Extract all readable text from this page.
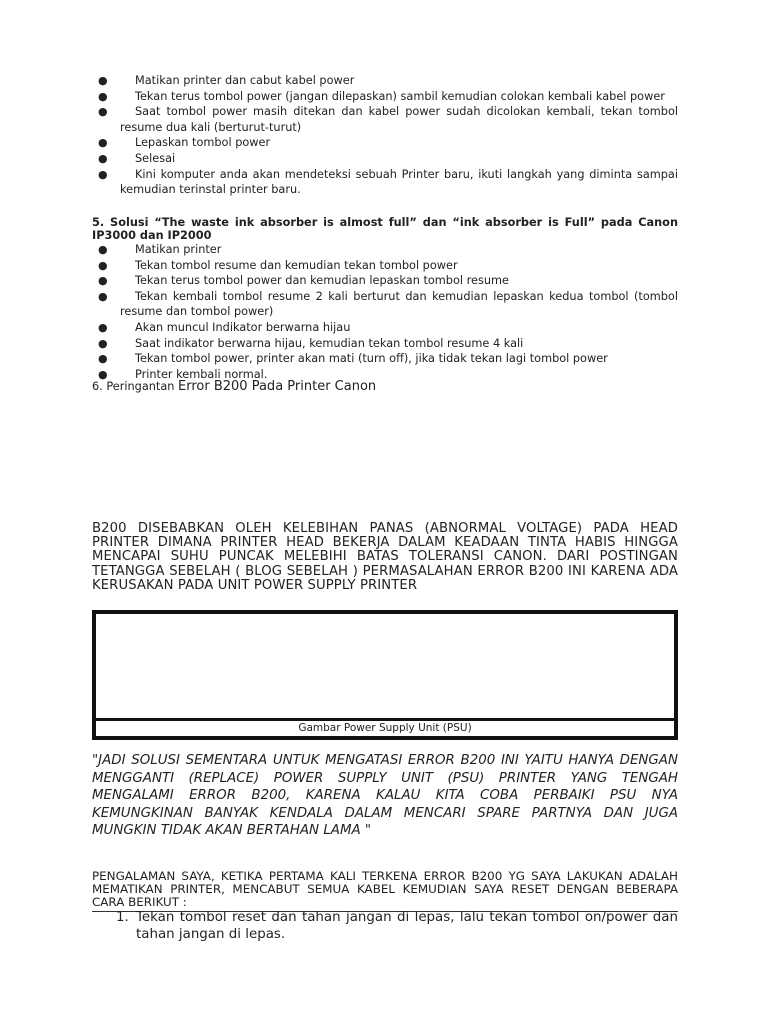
● Matikan printer dan cabut kabel power
● Tekan terus tombol power (jangan dilepaskan) sambil kemudian colokan kembali kabel power
● Saat tombol power masih ditekan dan kabel power sudah dicolokan kembali, tekan tombol resume dua kali (berturut-turut)
● Lepaskan tombol power
● Selesai
● Kini komputer anda akan mendeteksi sebuah Printer baru, ikuti langkah yang diminta sampai kemudian terinstal printer baru.
5. Solusi “The waste ink absorber is almost full” dan “ink absorber is Full” pada Canon IP3000 dan IP2000
● Matikan printer
● Tekan tombol resume dan kemudian tekan tombol power
● Tekan terus tombol power dan kemudian lepaskan tombol resume
● Tekan kembali tombol resume 2 kali berturut dan kemudian lepaskan kedua tombol (tombol resume dan tombol power)
● Akan muncul Indikator berwarna hijau
● Saat indikator berwarna hijau, kemudian tekan tombol resume 4 kali
● Tekan tombol power, printer akan mati (turn off), jika tidak tekan lagi tombol power
● Printer kembali normal.
6. Peringantan Error B200 Pada Printer Canon
B200 DISEBABKAN OLEH KELEBIHAN PANAS (ABNORMAL VOLTAGE) PADA HEAD PRINTER DIMANA PRINTER HEAD BEKERJA DALAM KEADAAN TINTA HABIS HINGGA MENCAPAI SUHU PUNCAK MELEBIHI BATAS TOLERANSI CANON. DARI POSTINGAN TETANGGA SEBELAH ( BLOG SEBELAH ) PERMASALAHAN ERROR B200 INI KARENA ADA KERUSAKAN PADA UNIT POWER SUPPLY PRINTER
Gambar Power Supply Unit (PSU)
"JADI SOLUSI SEMENTARA UNTUK MENGATASI ERROR B200 INI YAITU HANYA DENGAN MENGGANTI (REPLACE) POWER SUPPLY UNIT (PSU) PRINTER YANG TENGAH MENGALAMI ERROR B200, KARENA KALAU KITA COBA PERBAIKI PSU NYA KEMUNGKINAN BANYAK KENDALA DALAM MENCARI SPARE PARTNYA DAN JUGA MUNGKIN TIDAK AKAN BERTAHAN LAMA "
PENGALAMAN SAYA, KETIKA PERTAMA KALI TERKENA ERROR B200 YG SAYA LAKUKAN ADALAH MEMATIKAN PRINTER, MENCABUT SEMUA KABEL KEMUDIAN SAYA RESET DENGAN BEBERAPA CARA BERIKUT :
1. Tekan tombol reset dan tahan jangan di lepas, lalu tekan tombol on/power dan tahan jangan di lepas.
